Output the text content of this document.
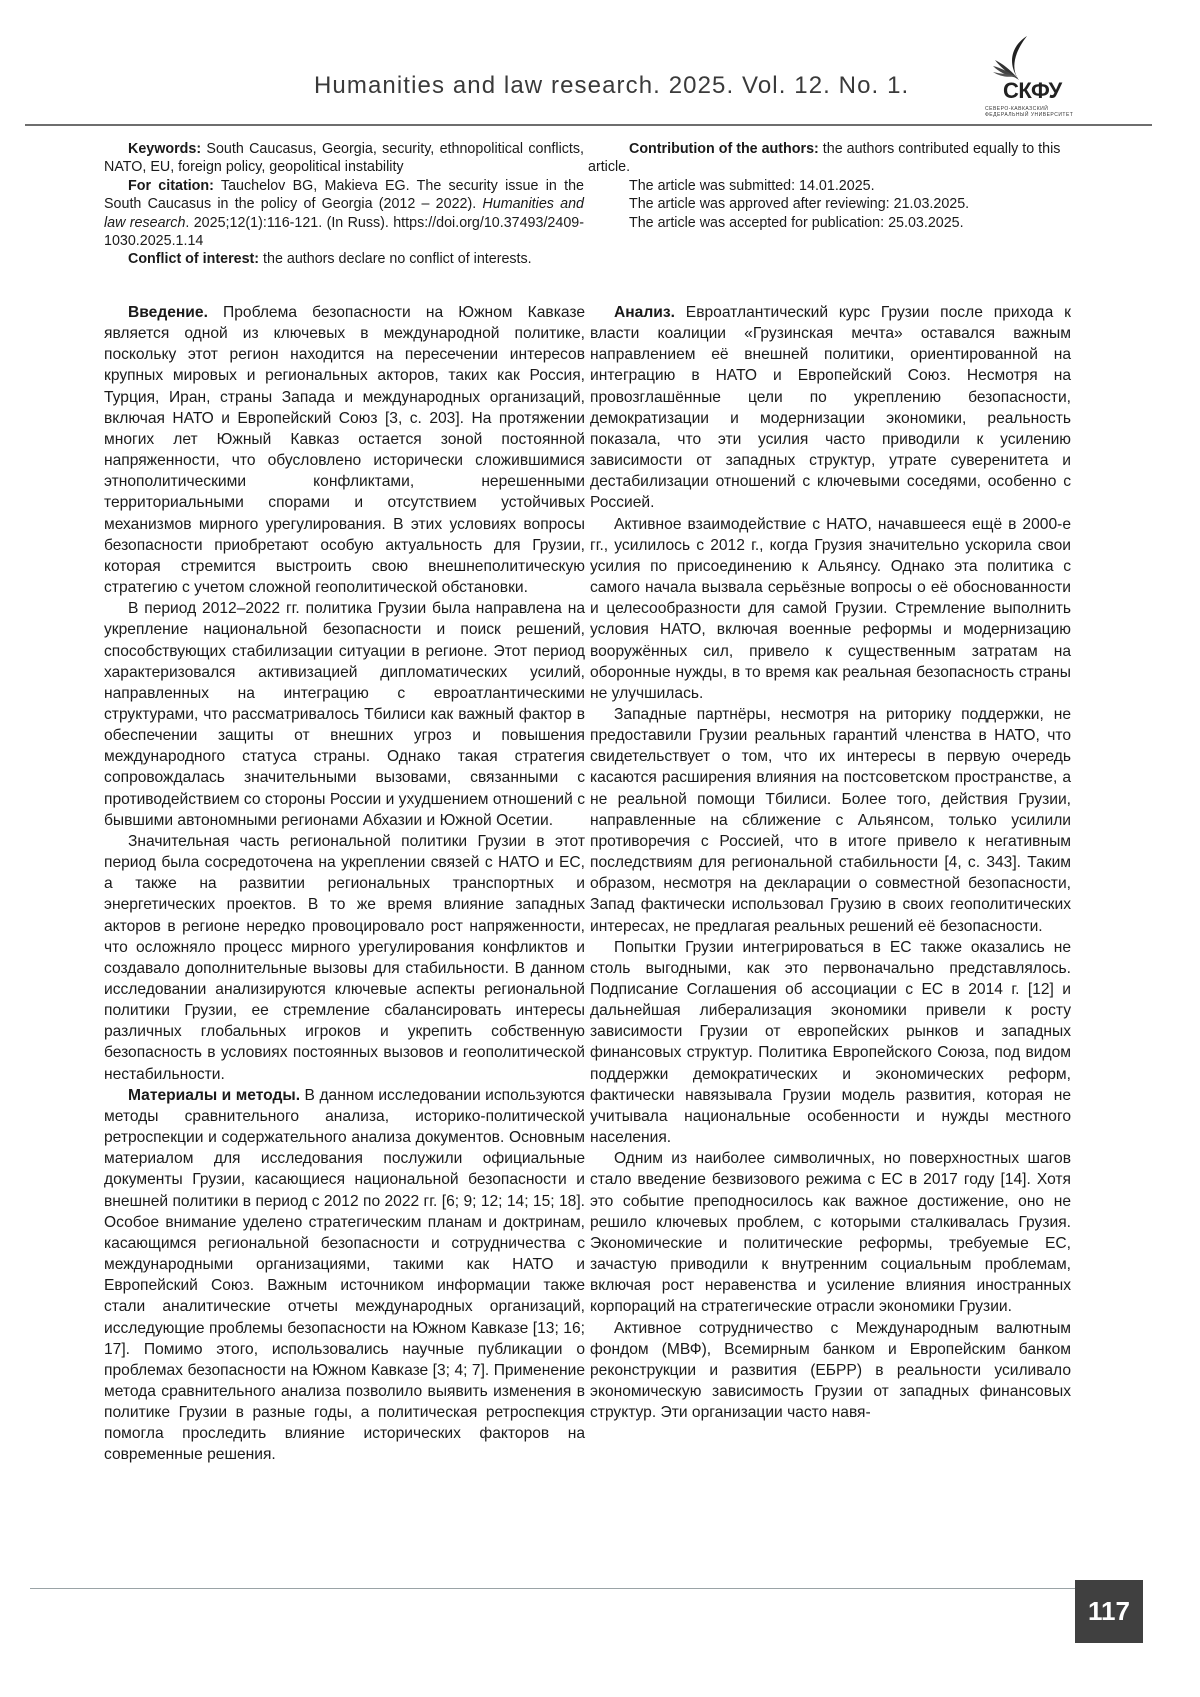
Humanities and law research. 2025. Vol. 12. No. 1.	СКФУ
СЕВЕРО-КАВКАЗСКИЙ
ФЕДЕРАЛЬНЫЙ УНИВЕРСИТЕТ

Keywords: South Caucasus, Georgia, security, ethnopolitical conflicts, NATO, EU, foreign policy, geopolitical instability

For citation: Tauchelov BG, Makieva EG. The security issue in the South Caucasus in the policy of Georgia (2012 – 2022). Humanities and law research. 2025;12(1):116-121. (In Russ). https://doi.org/10.37493/2409-1030.2025.1.14

Conflict of interest: the authors declare no conflict of interests.

Contribution of the authors: the authors contributed equally to this article.

The article was submitted: 14.01.2025.

The article was approved after reviewing: 21.03.2025.

The article was accepted for publication: 25.03.2025.

Введение. Проблема безопасности на Южном Кавказе является одной из ключевых в международной политике, поскольку этот регион находится на пересечении интересов крупных мировых и региональных акторов, таких как Россия, Турция, Иран, страны Запада и международных организаций, включая НАТО и Европейский Союз [3, с. 203]. На протяжении многих лет Южный Кавказ остается зоной постоянной напряженности, что обусловлено исторически сложившимися этнополитическими конфликтами, нерешенными территориальными спорами и отсутствием устойчивых механизмов мирного урегулирования. В этих условиях вопросы безопасности приобретают особую актуальность для Грузии, которая стремится выстроить свою внешнеполитическую стратегию с учетом сложной геополитической обстановки.

В период 2012–2022 гг. политика Грузии была направлена на укрепление национальной безопасности и поиск решений, способствующих стабилизации ситуации в регионе. Этот период характеризовался активизацией дипломатических усилий, направленных на интеграцию с евроатлантическими структурами, что рассматривалось Тбилиси как важный фактор в обеспечении защиты от внешних угроз и повышения международного статуса страны. Однако такая стратегия сопровождалась значительными вызовами, связанными с противодействием со стороны России и ухудшением отношений с бывшими автономными регионами Абхазии и Южной Осетии.

Значительная часть региональной политики Грузии в этот период была сосредоточена на укреплении связей с НАТО и ЕС, а также на развитии региональных транспортных и энергетических проектов. В то же время влияние западных акторов в регионе нередко провоцировало рост напряженности, что осложняло процесс мирного урегулирования конфликтов и создавало дополнительные вызовы для стабильности. В данном исследовании анализируются ключевые аспекты региональной политики Грузии, ее стремление сбалансировать интересы различных глобальных игроков и укрепить собственную безопасность в условиях постоянных вызовов и геополитической нестабильности.

Материалы и методы. В данном исследовании используются методы сравнительного анализа, историко-политической ретроспекции и содержательного анализа документов. Основным материалом для исследования послужили официальные документы Грузии, касающиеся национальной безопасности и внешней политики в период с 2012 по 2022 гг. [6; 9; 12; 14; 15; 18]. Особое внимание уделено стратегическим планам и доктринам, касающимся региональной безопасности и сотрудничества с международными организациями, такими как НАТО и Европейский Союз. Важным источником информации также стали аналитические отчеты международных организаций, исследующие проблемы безопасности на Южном Кавказе [13; 16; 17]. Помимо этого, использовались научные публикации о проблемах безопасности на Южном Кавказе [3; 4; 7]. Применение метода сравнительного анализа позволило выявить изменения в политике Грузии в разные годы, а политическая ретроспекция помогла проследить влияние исторических факторов на современные решения.

Анализ. Евроатлантический курс Грузии после прихода к власти коалиции «Грузинская мечта» оставался важным направлением её внешней политики, ориентированной на интеграцию в НАТО и Европейский Союз. Несмотря на провозглашённые цели по укреплению безопасности, демократизации и модернизации экономики, реальность показала, что эти усилия часто приводили к усилению зависимости от западных структур, утрате суверенитета и дестабилизации отношений с ключевыми соседями, особенно с Россией.

Активное взаимодействие с НАТО, начавшееся ещё в 2000-е гг., усилилось с 2012 г., когда Грузия значительно ускорила свои усилия по присоединению к Альянсу. Однако эта политика с самого начала вызвала серьёзные вопросы о её обоснованности и целесообразности для самой Грузии. Стремление выполнить условия НАТО, включая военные реформы и модернизацию вооружённых сил, привело к существенным затратам на оборонные нужды, в то время как реальная безопасность страны не улучшилась.

Западные партнёры, несмотря на риторику поддержки, не предоставили Грузии реальных гарантий членства в НАТО, что свидетельствует о том, что их интересы в первую очередь касаются расширения влияния на постсоветском пространстве, а не реальной помощи Тбилиси. Более того, действия Грузии, направленные на сближение с Альянсом, только усилили противоречия с Россией, что в итоге привело к негативным последствиям для региональной стабильности [4, с. 343]. Таким образом, несмотря на декларации о совместной безопасности, Запад фактически использовал Грузию в своих геополитических интересах, не предлагая реальных решений её безопасности.

Попытки Грузии интегрироваться в ЕС также оказались не столь выгодными, как это первоначально представлялось. Подписание Соглашения об ассоциации с ЕС в 2014 г. [12] и дальнейшая либерализация экономики привели к росту зависимости Грузии от европейских рынков и западных финансовых структур. Политика Европейского Союза, под видом поддержки демократических и экономических реформ, фактически навязывала Грузии модель развития, которая не учитывала национальные особенности и нужды местного населения.

Одним из наиболее символичных, но поверхностных шагов стало введение безвизового режима с ЕС в 2017 году [14]. Хотя это событие преподносилось как важное достижение, оно не решило ключевых проблем, с которыми сталкивалась Грузия. Экономические и политические реформы, требуемые ЕС, зачастую приводили к внутренним социальным проблемам, включая рост неравенства и усиление влияния иностранных корпораций на стратегические отрасли экономики Грузии.

Активное сотрудничество с Международным валютным фондом (МВФ), Всемирным банком и Европейским банком реконструкции и развития (ЕБРР) в реальности усиливало экономическую зависимость Грузии от западных финансовых структур. Эти организации часто навя-

117
